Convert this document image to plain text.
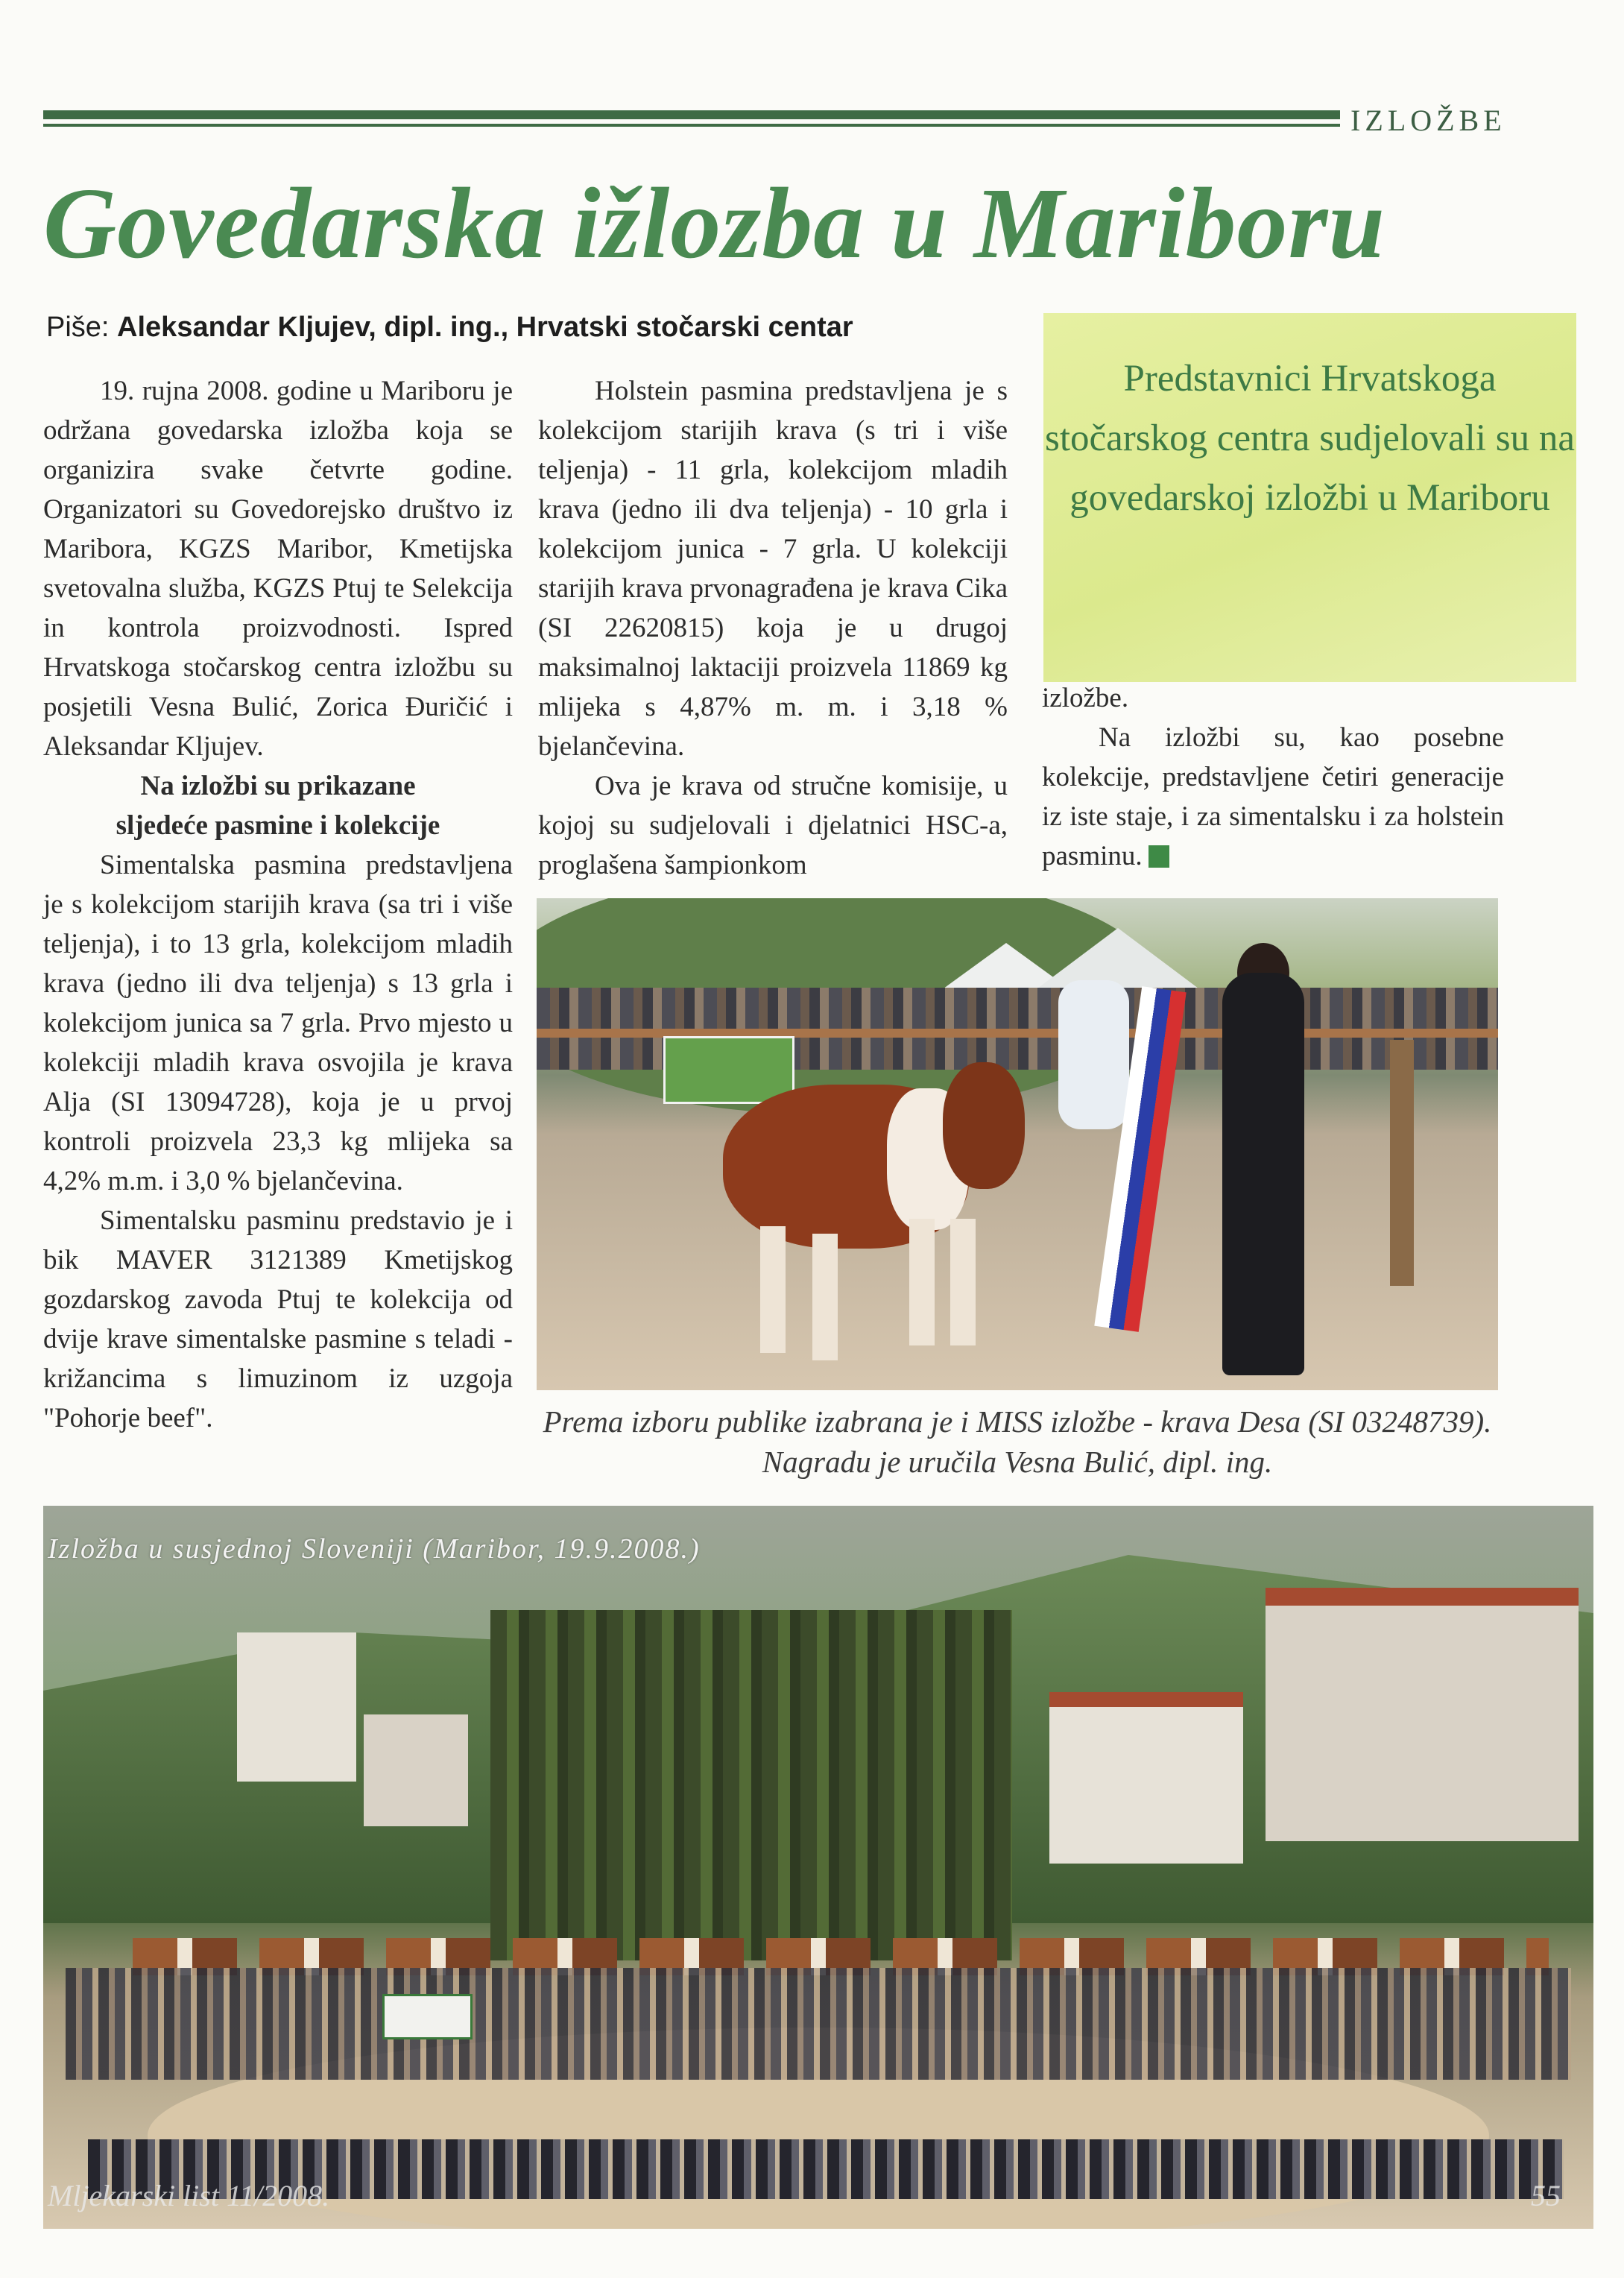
IZLOŽBE
Govedarska ižlozba u Mariboru
Piše: Aleksandar Kljujev, dipl. ing., Hrvatski stočarski centar

19. rujna 2008. godine u Mariboru je održana govedarska izložba koja se organizira svake četvrte godine. Organizatori su Govedorejsko društvo iz Maribora, KGZS Maribor, Kmetijska svetovalna služba, KGZS Ptuj te Selekcija in kontrola proizvodnosti. Ispred Hrvatskoga stočarskog centra izložbu su posjetili Vesna Bulić, Zorica Đuričić i Aleksandar Kljujev.

Na izložbi su prikazane
sljedeće pasmine i kolekcije

Simentalska pasmina predstavljena je s kolekcijom starijih krava (sa tri i više teljenja), i to 13 grla, kolekcijom mladih krava (jedno ili dva teljenja) s 13 grla i kolekcijom junica sa 7 grla. Prvo mjesto u kolekciji mladih krava osvojila je krava Alja (SI 13094728), koja je u prvoj kontroli proizvela 23,3 kg mlijeka sa 4,2% m.m. i 3,0 % bjelančevina.

Simentalsku pasminu predstavio je i bik MAVER 3121389 Kmetijskog gozdarskog zavoda Ptuj te kolekcija od dvije krave simentalske pasmine s teladi - križancima s limuzinom iz uzgoja "Pohorje beef".

Holstein pasmina predstavljena je s kolekcijom starijih krava (s tri i više teljenja) - 11 grla, kolekcijom mladih krava (jedno ili dva teljenja) - 10 grla i kolekcijom junica - 7 grla. U kolekciji starijih krava prvonagrađena je krava Cika (SI 22620815) koja je u drugoj maksimalnoj laktaciji proizvela 11869 kg mlijeka s 4,87% m. m. i 3,18 % bjelančevina.

Ova je krava od stručne komisije, u kojoj su sudjelovali i djelatnici HSC-a, proglašena šampionkom

Predstavnici Hrvatskoga stočarskog centra sudjelovali su na govedarskoj izložbi u Mariboru

izložbe.

Na izložbi su, kao posebne kolekcije, predstavljene četiri generacije iz iste staje, i za simentalsku i za holstein pasminu.

Prema izboru publike izabrana je i MISS izložbe - krava Desa (SI 03248739). Nagradu je uručila Vesna Bulić, dipl. ing.
Izložba u susjednoj Sloveniji (Maribor, 19.9.2008.)
Mljekarski list 11/2008.	55
